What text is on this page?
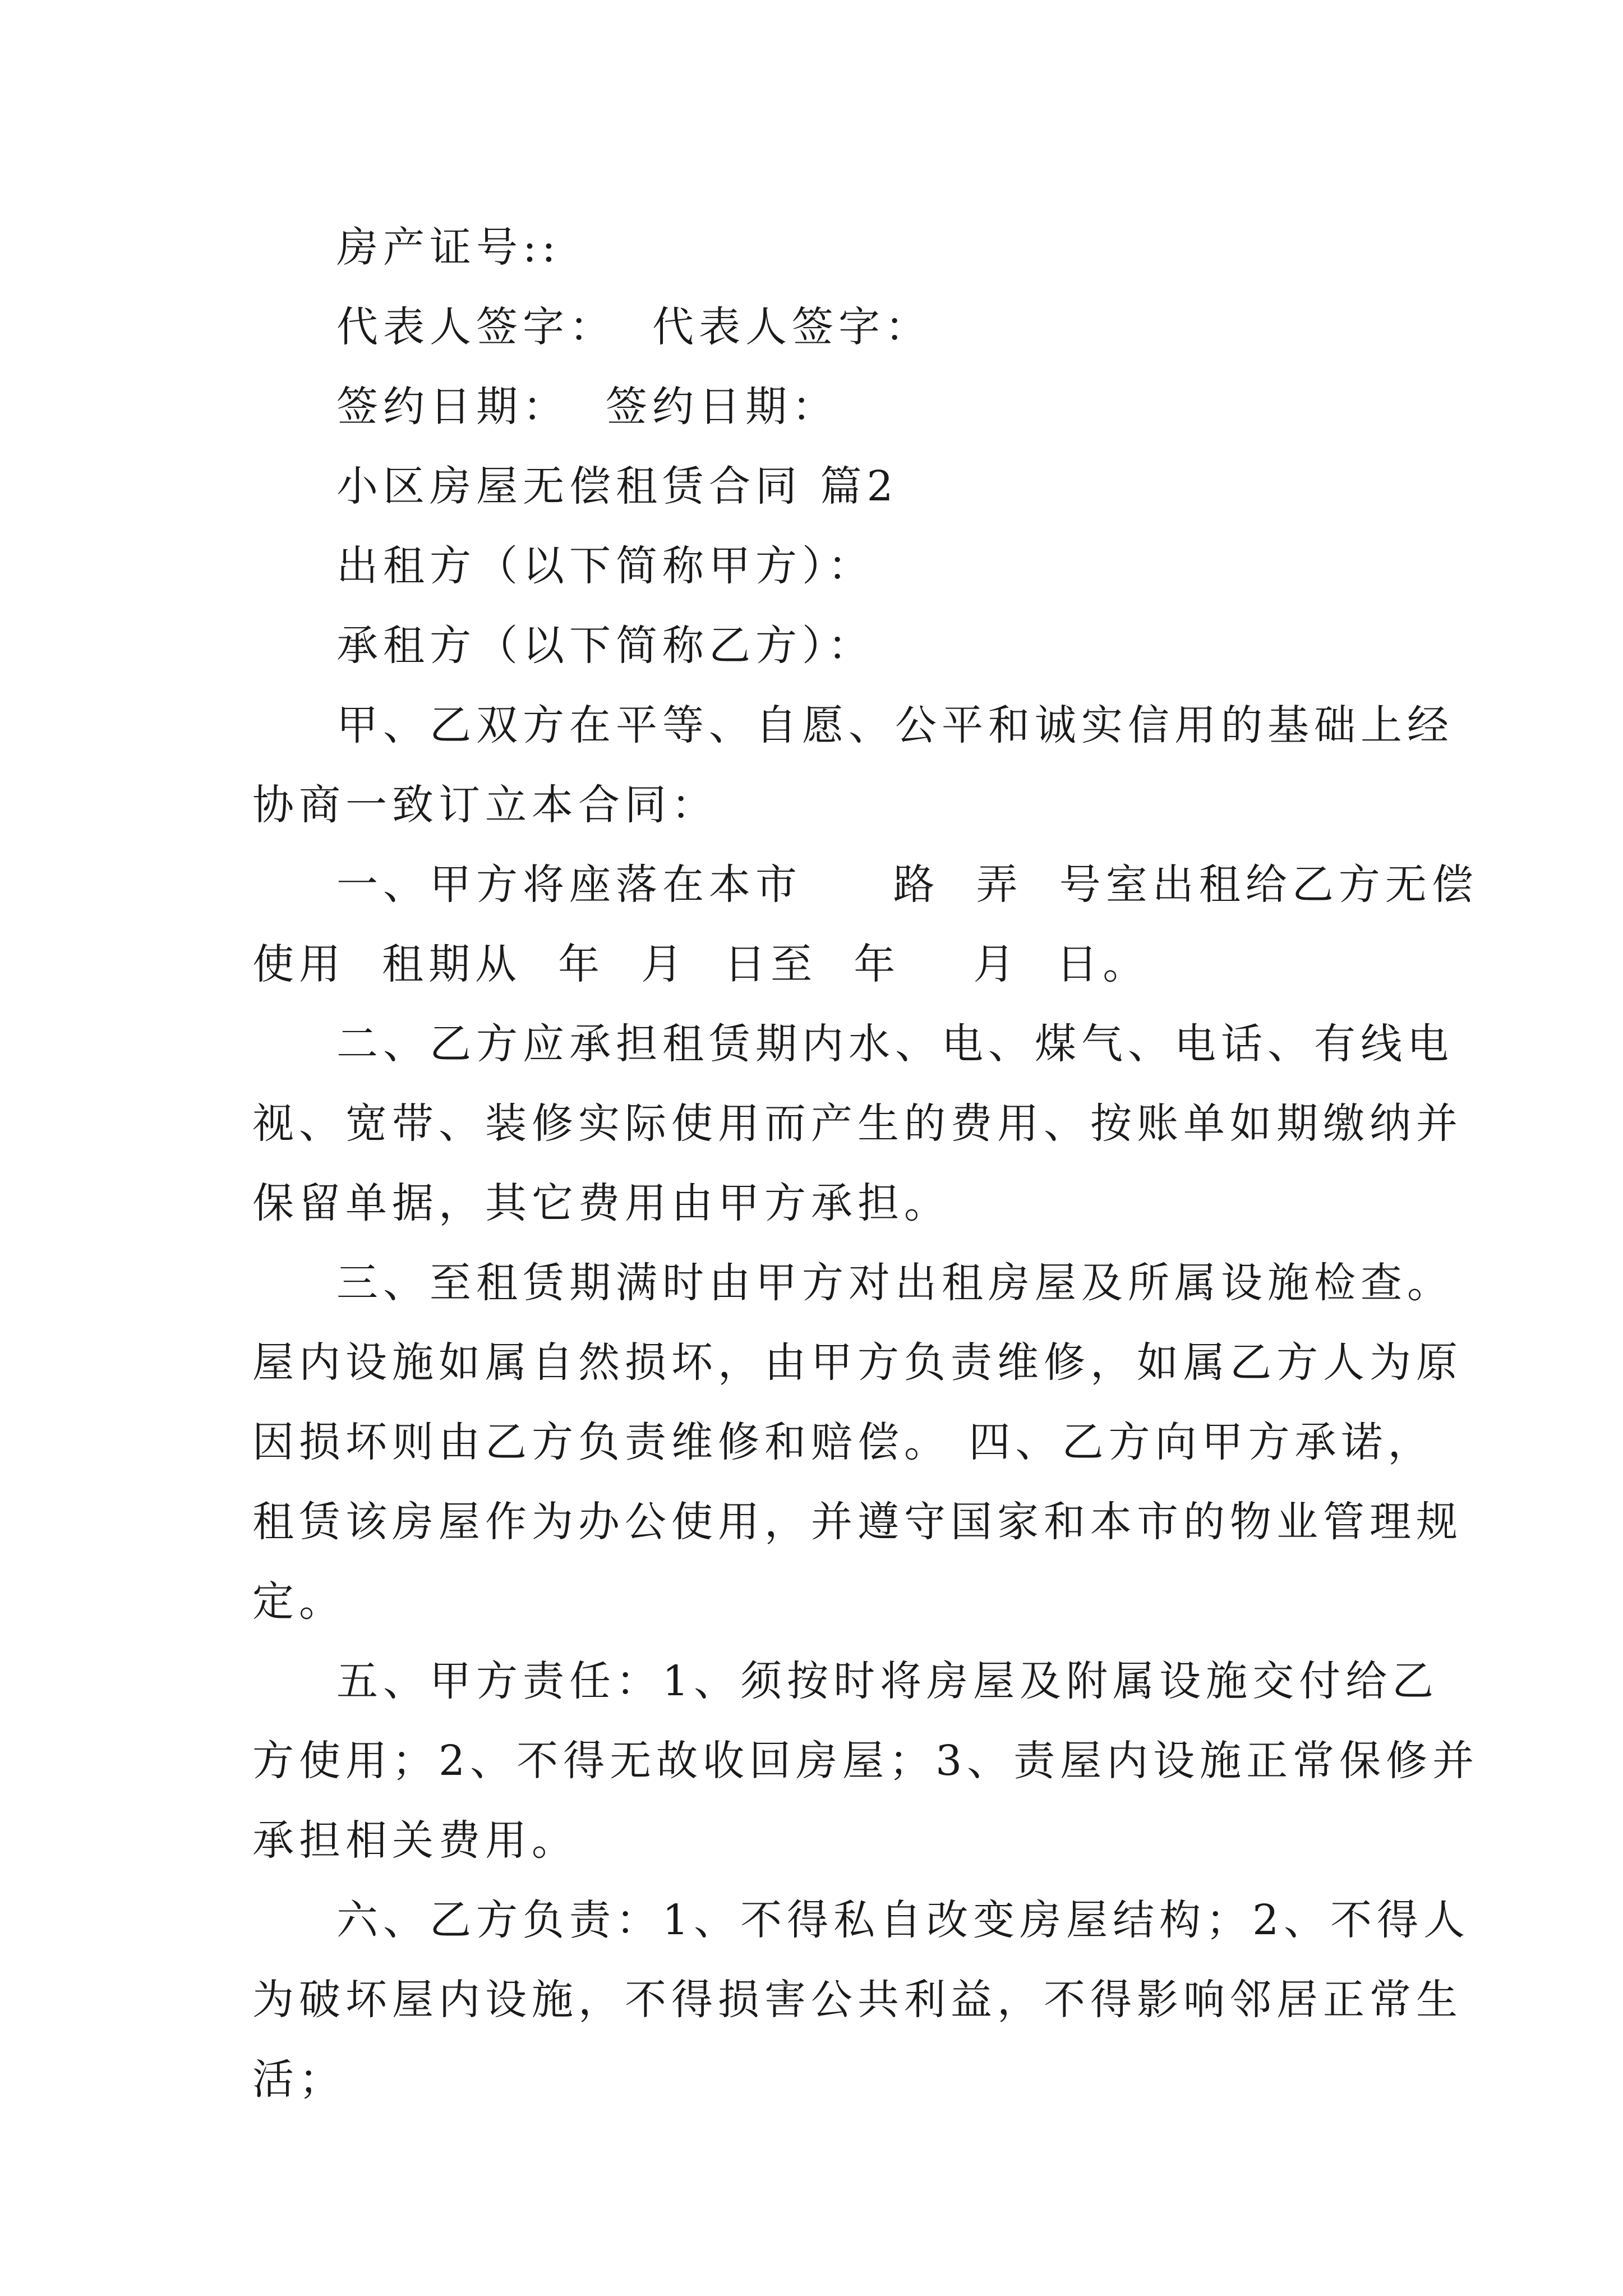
房产证号::

代表人签字：  代表人签字：

签约日期：  签约日期：

小区房屋无偿租赁合同 篇2

出租方（以下简称甲方）：

承租方（以下简称乙方）：

甲、乙双方在平等、自愿、公平和诚实信用的基础上经

协商一致订立本合同：

一、甲方将座落在本市     路  弄  号室出租给乙方无偿

使用  租期从  年  月  日至  年    月  日。

二、乙方应承担租赁期内水、电、煤气、电话、有线电

视、宽带、装修实际使用而产生的费用、按账单如期缴纳并

保留单据，其它费用由甲方承担。

三、至租赁期满时由甲方对出租房屋及所属设施检查。

屋内设施如属自然损坏，由甲方负责维修，如属乙方人为原

因损坏则由乙方负责维修和赔偿。 四、乙方向甲方承诺，

租赁该房屋作为办公使用，并遵守国家和本市的物业管理规

定。

五、甲方责任：1、须按时将房屋及附属设施交付给乙

方使用；2、不得无故收回房屋；3、责屋内设施正常保修并

承担相关费用。

六、乙方负责：1、不得私自改变房屋结构；2、不得人

为破坏屋内设施，不得损害公共利益，不得影响邻居正常生

活；
